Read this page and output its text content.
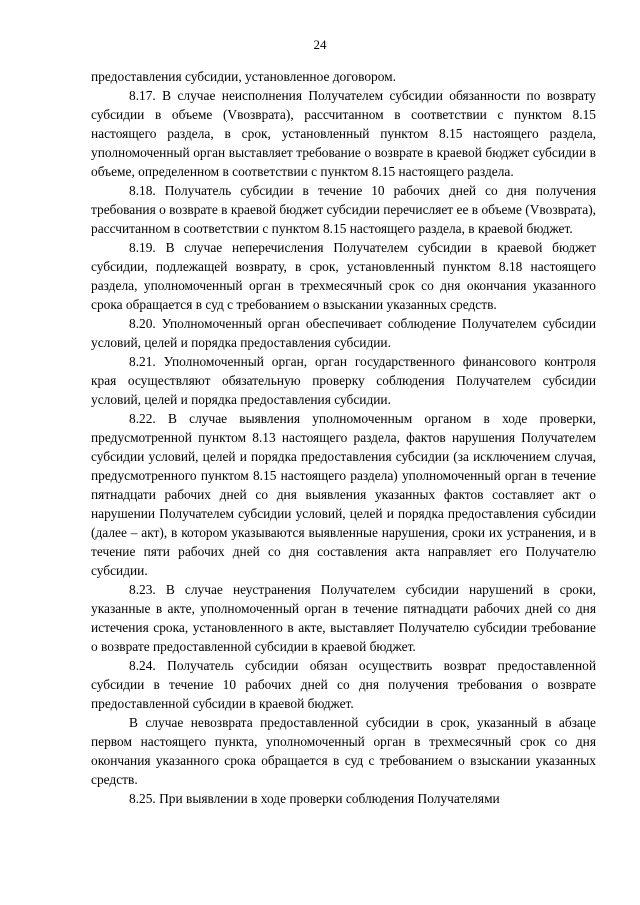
24

предоставления субсидии, установленное договором.

8.17. В случае неисполнения Получателем субсидии обязанности по возврату субсидии в объеме (Vвозврата), рассчитанном в соответствии с пунктом 8.15 настоящего раздела, в срок, установленный пунктом 8.15 настоящего раздела, уполномоченный орган выставляет требование о возврате в краевой бюджет субсидии в объеме, определенном в соответствии с пунктом 8.15 настоящего раздела.

8.18. Получатель субсидии в течение 10 рабочих дней со дня получения требования о возврате в краевой бюджет субсидии перечисляет ее в объеме (Vвозврата), рассчитанном в соответствии с пунктом 8.15 настоящего раздела, в краевой бюджет.

8.19. В случае неперечисления Получателем субсидии в краевой бюджет субсидии, подлежащей возврату, в срок, установленный пунктом 8.18 настоящего раздела, уполномоченный орган в трехмесячный срок со дня окончания указанного срока обращается в суд с требованием о взыскании указанных средств.

8.20. Уполномоченный орган обеспечивает соблюдение Получателем субсидии условий, целей и порядка предоставления субсидии.

8.21. Уполномоченный орган, орган государственного финансового контроля края осуществляют обязательную проверку соблюдения Получателем субсидии условий, целей и порядка предоставления субсидии.

8.22. В случае выявления уполномоченным органом в ходе проверки, предусмотренной пунктом 8.13 настоящего раздела, фактов нарушения Получателем субсидии условий, целей и порядка предоставления субсидии (за исключением случая, предусмотренного пунктом 8.15 настоящего раздела) уполномоченный орган в течение пятнадцати рабочих дней со дня выявления указанных фактов составляет акт о нарушении Получателем субсидии условий, целей и порядка предоставления субсидии (далее – акт), в котором указываются выявленные нарушения, сроки их устранения, и в течение пяти рабочих дней со дня составления акта направляет его Получателю субсидии.

8.23. В случае неустранения Получателем субсидии нарушений в сроки, указанные в акте, уполномоченный орган в течение пятнадцати рабочих дней со дня истечения срока, установленного в акте, выставляет Получателю субсидии требование о возврате предоставленной субсидии в краевой бюджет.

8.24. Получатель субсидии обязан осуществить возврат предоставленной субсидии в течение 10 рабочих дней со дня получения требования о возврате предоставленной субсидии в краевой бюджет.

В случае невозврата предоставленной субсидии в срок, указанный в абзаце первом настоящего пункта, уполномоченный орган в трехмесячный срок со дня окончания указанного срока обращается в суд с требованием о взыскании указанных средств.

8.25. При выявлении в ходе проверки соблюдения Получателями
